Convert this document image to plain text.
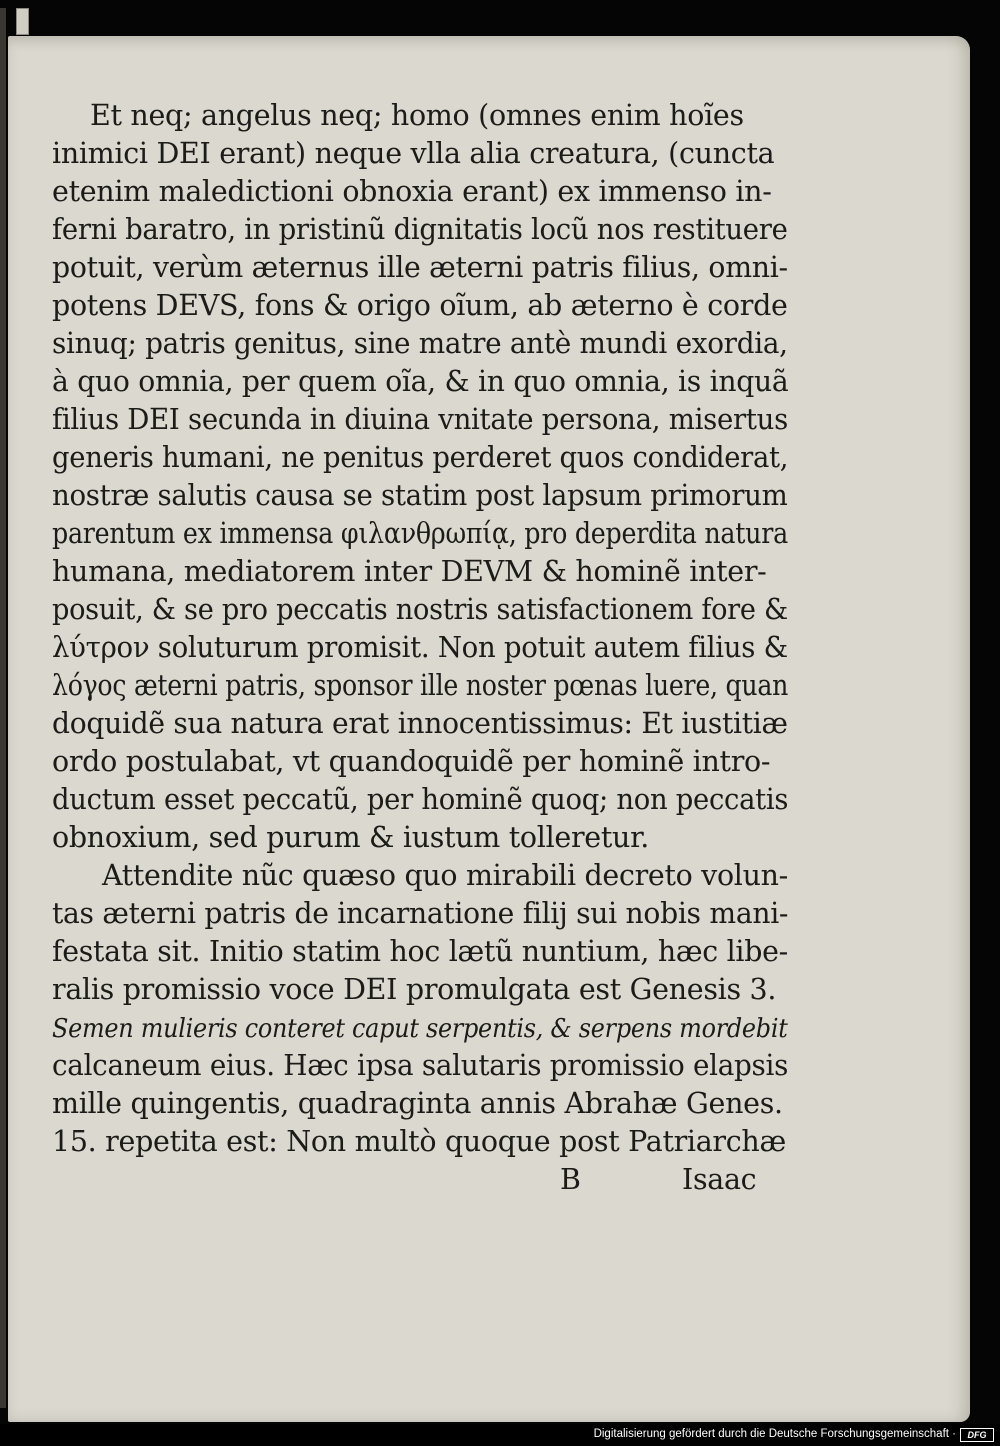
Et neq; angelus neq; homo (omnes enim hoĩes
inimici DEI erant) neque vlla alia creatura, (cuncta
etenim maledictioni obnoxia erant) ex immenso in-
ferni baratro, in pristinũ dignitatis locũ nos restituere
potuit, verùm æternus ille æterni patris filius, omni-
potens DEVS, fons & origo oĩum, ab æterno è corde
sinuq; patris genitus, sine matre antè mundi exordia,
à quo omnia, per quem oĩa, & in quo omnia, is inquã
filius DEI secunda in diuina vnitate persona, misertus
generis humani, ne penitus perderet quos condiderat,
nostræ salutis causa se statim post lapsum primorum
parentum ex immensa φιλανθρωπίᾳ, pro deperdita natura
humana, mediatorem inter DEVM & hominẽ inter-
posuit, & se pro peccatis nostris satisfactionem fore &
λύτρον soluturum promisit. Non potuit autem filius &
λόγος æterni patris, sponsor ille noster pœnas luere, quan
doquidẽ sua natura erat innocentissimus: Et iustitiæ
ordo postulabat, vt quandoquidẽ per hominẽ intro-
ductum esset peccatũ, per hominẽ quoq; non peccatis
obnoxium, sed purum & iustum tolleretur.
Attendite nũc quæso quo mirabili decreto volun-
tas æterni patris de incarnatione filij sui nobis mani-
festata sit. Initio statim hoc lætũ nuntium, hæc libe-
ralis promissio voce DEI promulgata est Genesis 3.
Semen mulieris conteret caput serpentis, & serpens mordebit
calcaneum eius. Hæc ipsa salutaris promissio elapsis
mille quingentis, quadraginta annis Abrahæ Genes.
15. repetita est: Non multò quoque post Patriarchæ
B	Isaac
Digitalisierung gefördert durch die Deutsche Forschungsgemeinschaft ·	DFG
